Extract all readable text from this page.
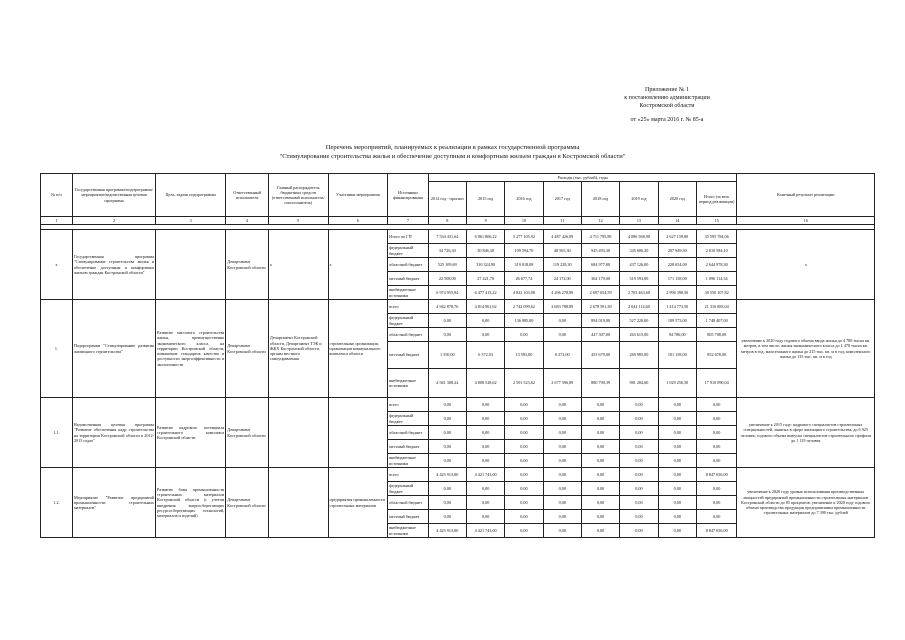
Приложение № 1
к постановлению администрации
Костромской области
от «25» марта 2016 г. № 85-а
Перечень мероприятий, планируемых к реализации в рамках государственной программы
"Стимулирование строительства жилья и обеспечение доступным и комфортным жильем граждан в Костромской области"
№ п/п	Государственная программа/подпрограмма/мероприятие/ведомственная целевая программа	Цель, задачи подпрограммы	Ответственный исполнитель	Главный распорядитель бюджетных средств (ответственный исполнитель/соисполнитель)	Участники мероприятия	Источники финансирования	Расходы (тыс. рублей), годы								Конечный результат реализации
							2014 год - прогноз	2015 год	2016 год	2017 год	2018 год	2019 год	2020 год	Итого (за весь период реализации)	
1	2	3	4	5	6	7	8	9	10	11	12	13	14	15	16

х	Государственная программа "Стимулирование строительства жилья и обеспечение доступным и комфортным жильем граждан Костромской области"		Департамент Костромской области	х	х	Итого по ГП	7 534 431,64	6 861 806,22	5 277 105,92	4 487 426,09	4 711 795,89	4 086 568,90	2 627 159,80	35 595 784,06	х
						федеральный бюджет	34 726,30	30 846,30	109 594,70	48 565,30	945 493,30	345 606,20	207 949,30	2 010 584,10	
						областной бюджет	525 109,69	310 324,90	319 018,08	119 229,30	684 977,00	437 126,00	228 654,00	2 644 978,30	
						местный бюджет	22 508,00	27 421,70	26 677,74	24 172,00	364 179,00	319 593,00	171 158,00	1 096 114,34	
						внебюджетные источники	6 974 955,94	6 477 413,22	4 822 103,08	4 296 278,89	2 697 054,59	2 703 463,60	2 996 398,50	30 550 107,82	
1.	Подпрограмма "Стимулирование развития жилищного строительства"	Развитие массового строительства жилья, преимущественно экономического класса, на территории Костромской области, повышение стандартов качества и доступности энергоэффективности и экологичности	Департамент Костромской области	Департамент Костромской области, Департамент ТЭК и ЖКХ Костромской области, органы местного самоуправления	строительные организации, организации коммунального комплекса области	всего	4 942 878,76	4 814 961,62	2 742 099,62	2 683 788,89	2 678 591,39	2 042 114,60	1 414 773,50	21 316 883,04	увеличение к 2020 году годового объема ввода жилья до 4 780 тысяч кв. метров, в том числе: жилья экономического класса до 1 470 тысяч кв. метров в год; малоэтажного жилья до 215 тыс. кв. м в год; комплексного жилья до 135 тыс. кв. м в год
						федеральный бюджет	0,00	0,00	136 985,00	0,00	894 019,00	527 220,00	189 573,00	1 748 407,00	
						областной бюджет	0,00	0,00	0,00	0,00	447 307,00	263 615,00	94 786,00	805 708,00	
						местный бюджет	1 550,00	6 372,03	13 583,00	6 372,00	453 679,00	269 985,00	101 158,00	852 678,00	
						внебюджетные источники	4 941 308,24	4 808 528,62	2 591 523,62	2 677 396,89	880 790,39	981 284,60	1 029 256,50	17 910 090,04	
1.1.	Ведомственная целевая программа "Развитие обеспечения кадр строительства на территории Костромской области в 2012-2015 годах"	Развитие кадрового потенциала строительного комплекса Костромской области	Департамент Костромской области			всего	0,00	0,00	0,00	0,00	0,00	0,00	0,00	0,00	увеличение к 2015 году: кадрового специалистов строительных специальностей, занятых в сфере жилищного строительства, до 6 925 человек; годового объема выпуска специалистов строительного профиля до 1 119 человек
						федеральный бюджет	0,00	0,00	0,00	0,00	0,00	0,00	0,00	0,00	
						областной бюджет	0,00	0,00	0,00	0,00	0,00	0,00	0,00	0,00	
						местный бюджет	0,00	0,00	0,00	0,00	0,00	0,00	0,00	0,00	
						внебюджетные источники	0,00	0,00	0,00	0,00	0,00	0,00	0,00	0,00	
1.2.	Мероприятие "Развитие предприятий промышленности строительных материалов"	Развитие базы промышленности строительных материалов Костромской области (с учетом внедрения энергосберегающих ресурсосберегающих технологий, материалов и изделий)	Департамент Костромской области		предприятия промышленности строительных материалов	всего	4 425 913,00	4 421 743,00	0,00	0,00	0,00	0,00	0,00	8 847 656,00	увеличение к 2020 году уровня использования производственных мощностей предприятий промышленности строительных материалов Костромской области до 85 процентов; увеличение к 2020 году годового объема производства продукции предприятиями промышленности строительных материалов до 7 390 тыс. рублей
						федеральный бюджет	0,00	0,00	0,00	0,00	0,00	0,00	0,00	0,00	
						областной бюджет	0,00	0,00	0,00	0,00	0,00	0,00	0,00	0,00	
						местный бюджет	0,00	0,00	0,00	0,00	0,00	0,00	0,00	0,00	
						внебюджетные источники	4 425 913,00	4 421 743,00	0,00	0,00	0,00	0,00	0,00	8 847 656,00	
